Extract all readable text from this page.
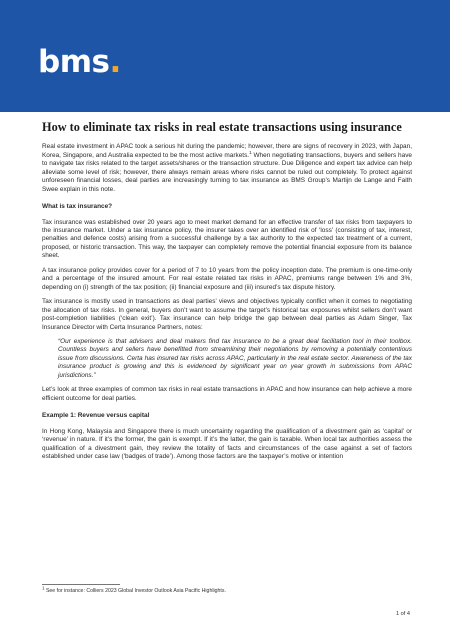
bms.
How to eliminate tax risks in real estate transactions using insurance

Real estate investment in APAC took a serious hit during the pandemic; however, there are signs of recovery in 2023, with Japan, Korea, Singapore, and Australia expected to be the most active markets.$^1$ When negotiating transactions, buyers and sellers have to navigate tax risks related to the target assets/shares or the transaction structure. Due Diligence and expert tax advice can help alleviate some level of risk; however, there always remain areas where risks cannot be ruled out completely. To protect against unforeseen financial losses, deal parties are increasingly turning to tax insurance as BMS Group’s Martijn de Lange and Faith Swee explain in this note.

What is tax insurance?

Tax insurance was established over 20 years ago to meet market demand for an effective transfer of tax risks from taxpayers to the insurance market. Under a tax insurance policy, the insurer takes over an identified risk of ‘loss’ (consisting of tax, interest, penalties and defence costs) arising from a successful challenge by a tax authority to the expected tax treatment of a current, proposed, or historic transaction. This way, the taxpayer can completely remove the potential financial exposure from its balance sheet.

A tax insurance policy provides cover for a period of 7 to 10 years from the policy inception date. The premium is one-time-only and a percentage of the insured amount. For real estate related tax risks in APAC, premiums range between 1% and 3%, depending on (i) strength of the tax position; (ii) financial exposure and (iii) insured’s tax dispute history.

Tax insurance is mostly used in transactions as deal parties’ views and objectives typically conflict when it comes to negotiating the allocation of tax risks. In general, buyers don’t want to assume the target’s historical tax exposures whilst sellers don’t want post-completion liabilities (‘clean exit’). Tax insurance can help bridge the gap between deal parties as Adam Singer, Tax Insurance Director with Certa Insurance Partners, notes:

“Our experience is that advisers and deal makers find tax insurance to be a great deal facilitation tool in their toolbox. Countless buyers and sellers have benefitted from streamlining their negotiations by removing a potentially contentious issue from discussions. Certa has insured tax risks across APAC, particularly in the real estate sector. Awareness of the tax insurance product is growing and this is evidenced by significant year on year growth in submissions from APAC jurisdictions.”

Let’s look at three examples of common tax risks in real estate transactions in APAC and how insurance can help achieve a more efficient outcome for deal parties.

Example 1: Revenue versus capital

In Hong Kong, Malaysia and Singapore there is much uncertainty regarding the qualification of a divestment gain as ‘capital’ or ‘revenue’ in nature. If it’s the former, the gain is exempt. If it’s the latter, the gain is taxable. When local tax authorities assess the qualification of a divestment gain, they review the totality of facts and circumstances of the case against a set of factors established under case law (‘badges of trade’). Among those factors are the taxpayer’s motive or intention

$^1$ See for instance: Colliers 2023 Global Investor Outlook Asia Pacific Highlights.
1 of 4
